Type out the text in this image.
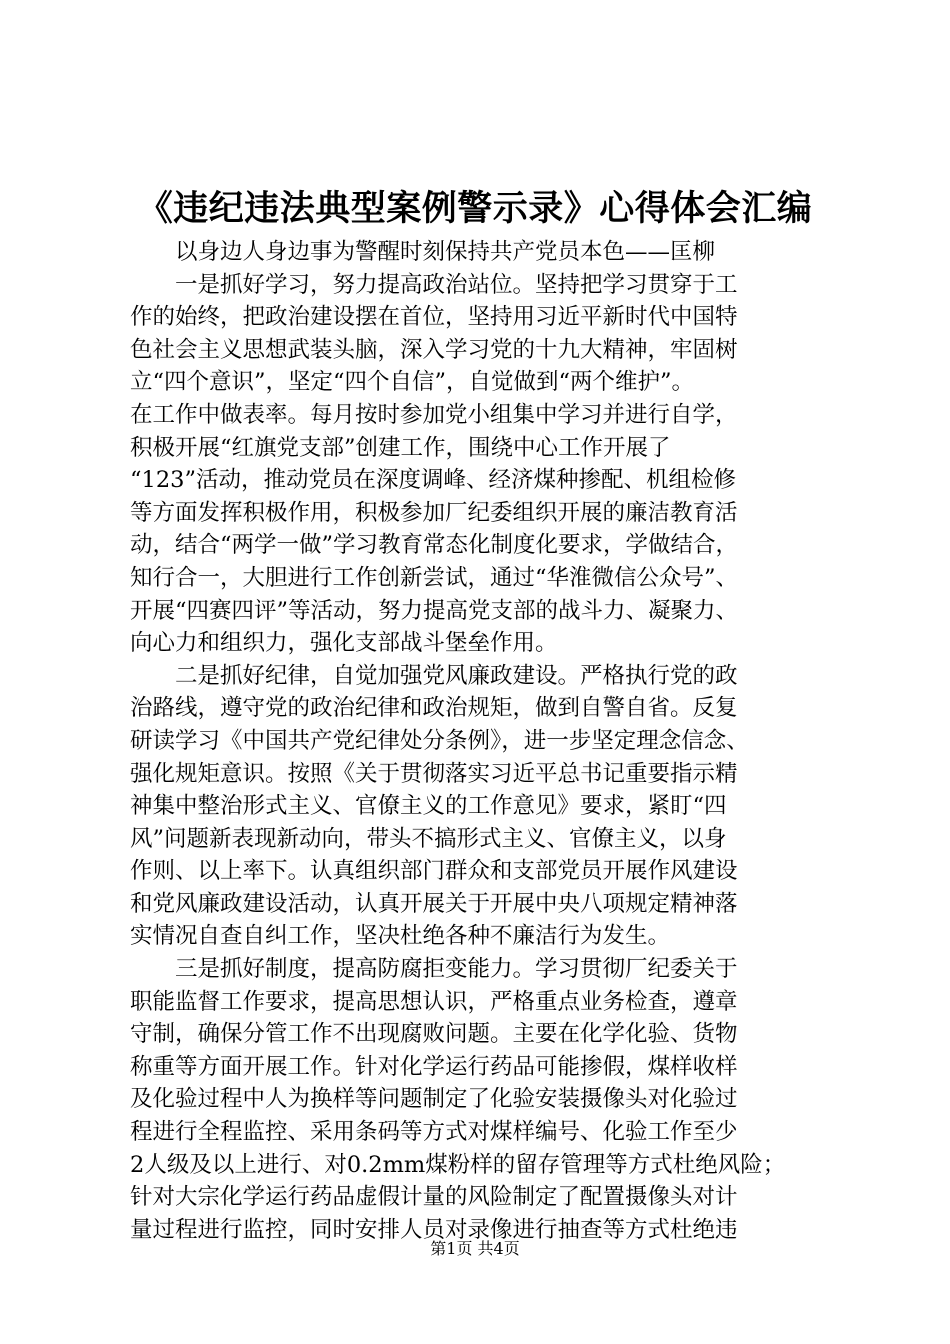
《违纪违法典型案例警示录》心得体会汇编

以身边人身边事为警醒时刻保持共产党员本色——匡柳

一是抓好学习，努力提高政治站位。坚持把学习贯穿于工
作的始终，把政治建设摆在首位，坚持用习近平新时代中国特
色社会主义思想武装头脑，深入学习党的十九大精神，牢固树
立“四个意识”，坚定“四个自信”，自觉做到“两个维护”。
在工作中做表率。每月按时参加党小组集中学习并进行自学，
积极开展“红旗党支部”创建工作，围绕中心工作开展了
“123”活动，推动党员在深度调峰、经济煤种掺配、机组检修
等方面发挥积极作用，积极参加厂纪委组织开展的廉洁教育活
动，结合“两学一做”学习教育常态化制度化要求，学做结合，
知行合一，大胆进行工作创新尝试，通过“华淮微信公众号”、
开展“四赛四评”等活动，努力提高党支部的战斗力、凝聚力、
向心力和组织力，强化支部战斗堡垒作用。

二是抓好纪律，自觉加强党风廉政建设。严格执行党的政
治路线，遵守党的政治纪律和政治规矩，做到自警自省。反复
研读学习《中国共产党纪律处分条例》，进一步坚定理念信念、
强化规矩意识。按照《关于贯彻落实习近平总书记重要指示精
神集中整治形式主义、官僚主义的工作意见》要求，紧盯“四
风”问题新表现新动向，带头不搞形式主义、官僚主义，以身
作则、以上率下。认真组织部门群众和支部党员开展作风建设
和党风廉政建设活动，认真开展关于开展中央八项规定精神落
实情况自查自纠工作，坚决杜绝各种不廉洁行为发生。

三是抓好制度，提高防腐拒变能力。学习贯彻厂纪委关于
职能监督工作要求，提高思想认识，严格重点业务检查，遵章
守制，确保分管工作不出现腐败问题。主要在化学化验、货物
称重等方面开展工作。针对化学运行药品可能掺假，煤样收样
及化验过程中人为换样等问题制定了化验安装摄像头对化验过
程进行全程监控、采用条码等方式对煤样编号、化验工作至少
2人级及以上进行、对0.2mm煤粉样的留存管理等方式杜绝风险；
针对大宗化学运行药品虚假计量的风险制定了配置摄像头对计
量过程进行监控，同时安排人员对录像进行抽查等方式杜绝违

第1页 共4页
